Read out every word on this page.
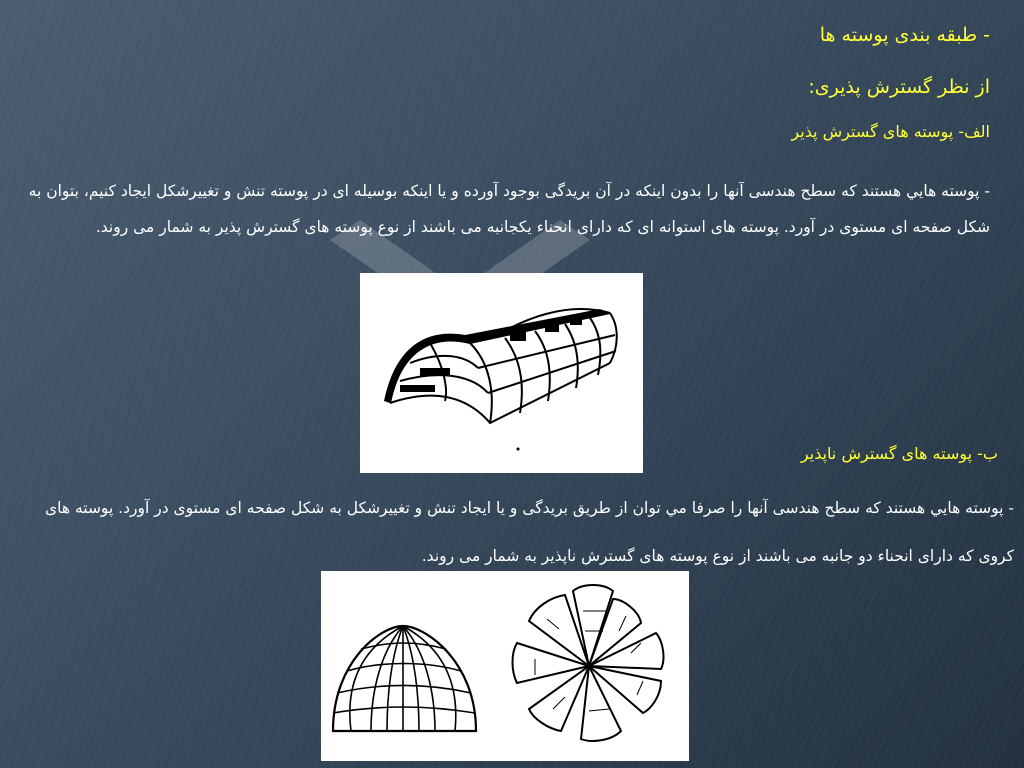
- طبقه بندی پوسته ها
از نظر گسترش پذیری:
الف- پوسته های گسترش پذیر
- پوسته هايي هستند که سطح هندسی آنها را بدون اینکه در آن بریدگی بوجود آورده و یا اینکه بوسیله ای در پوسته تنش و تغییرشکل ایجاد کنیم، بتوان به شکل صفحه ای مستوی در آورد. پوسته های استوانه ای که دارای انحناء یکجانبه می باشند از نوع پوسته های گسترش پذیر به شمار می روند.
ب- پوسته های گسترش ناپذیر
- پوسته هايي هستند که سطح هندسی آنها را صرفا مي توان از طریق بریدگی و یا ایجاد تنش و تغییرشکل به شکل صفحه ای مستوی در آورد. پوسته های کروی که دارای انحناء دو جانبه می باشند از نوع پوسته های گسترش ناپذیر به شمار می روند.
